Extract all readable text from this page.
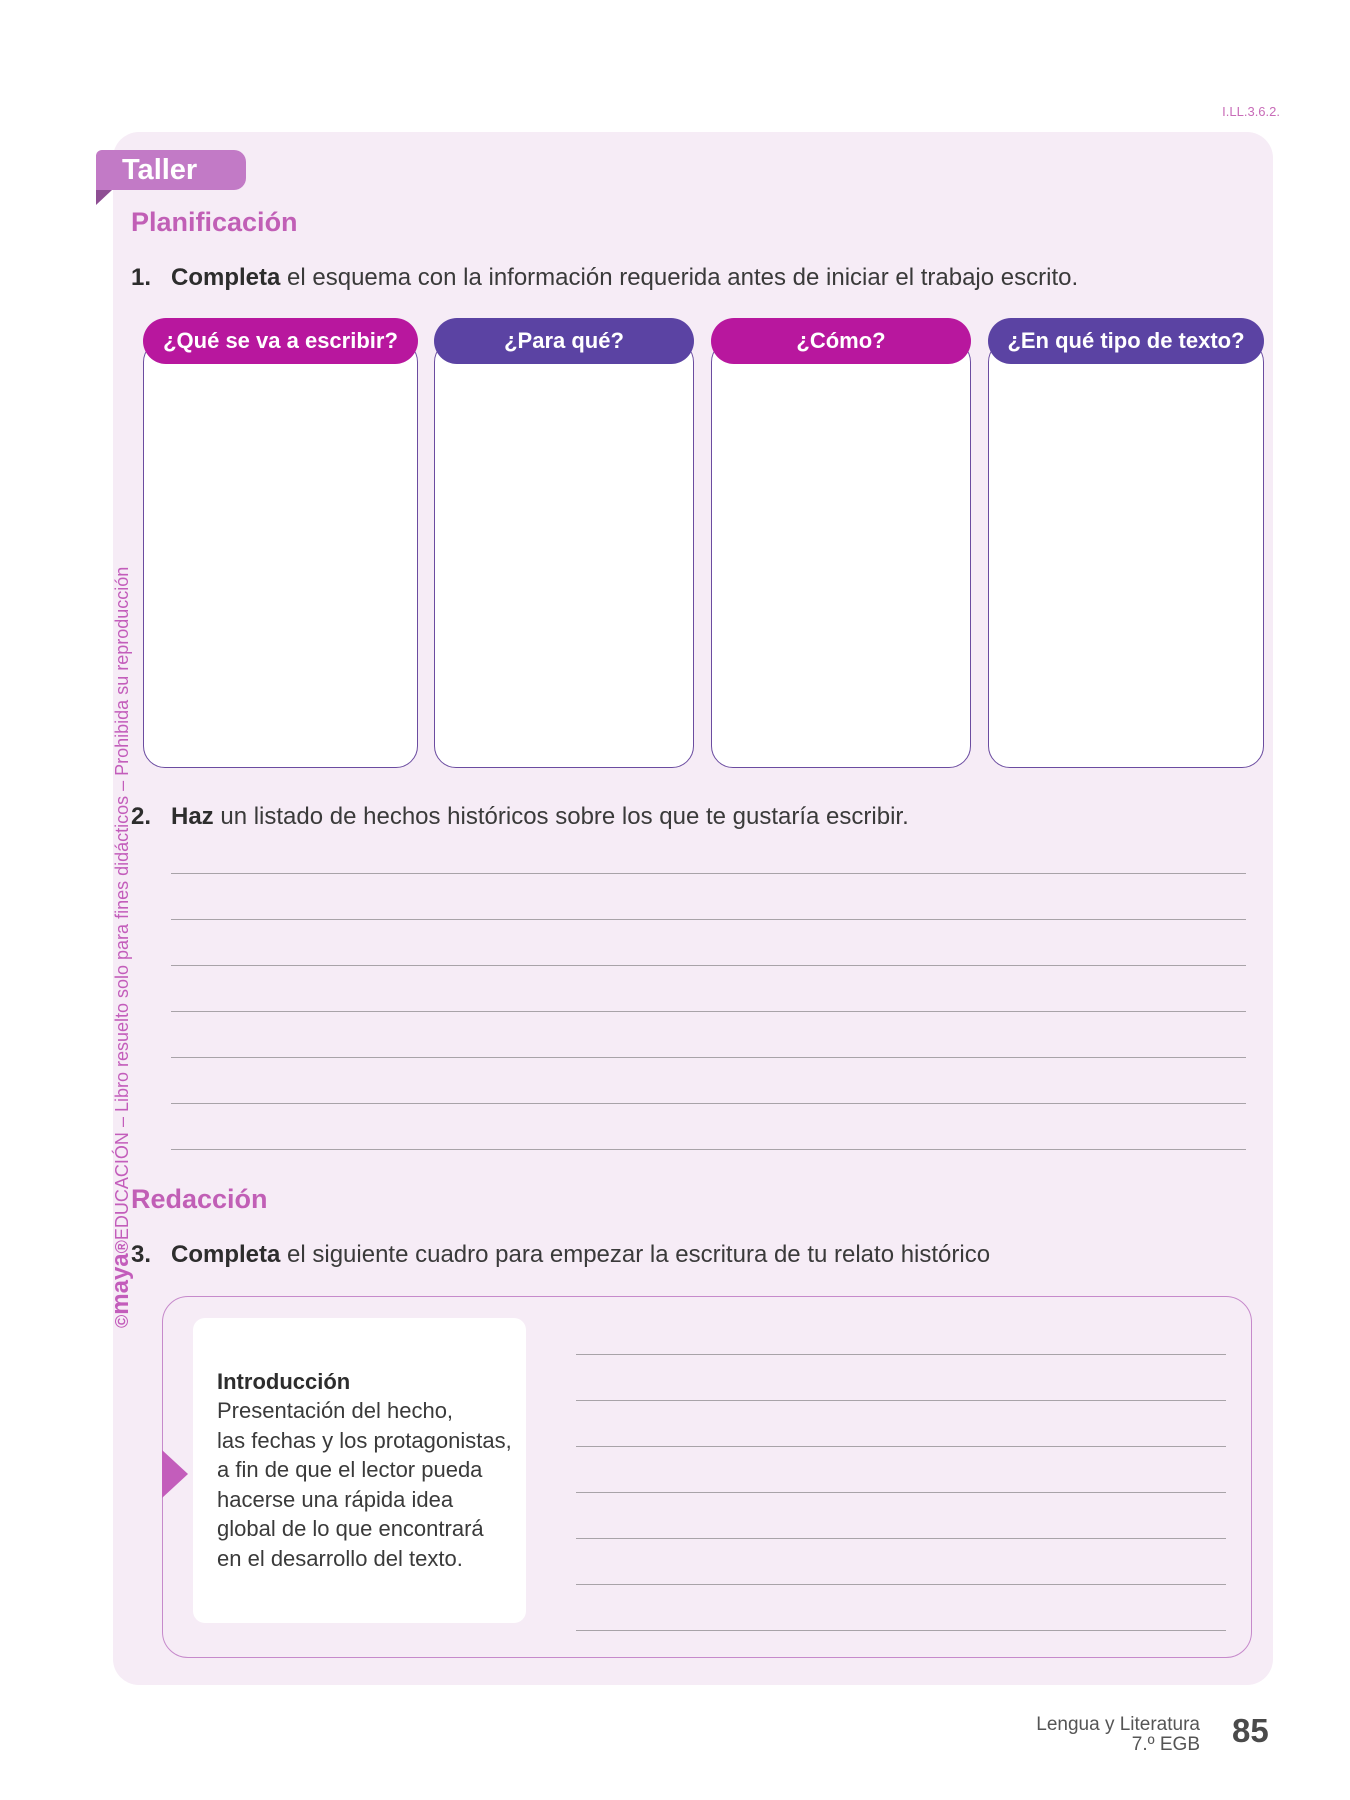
I.LL.3.6.2.
©maya®EDUCACIÓN – Libro resuelto solo para fines didácticos – Prohibida su reproducción
Taller
Planificación
1. Completa el esquema con la información requerida antes de iniciar el trabajo escrito.
¿Qué se va a escribir?	¿Para qué?	¿Cómo?	¿En qué tipo de texto?
2. Haz un listado de hechos históricos sobre los que te gustaría escribir.
Redacción
3. Completa el siguiente cuadro para empezar la escritura de tu relato histórico
Introducción
Presentación del hecho,
las fechas y los protagonistas,
a fin de que el lector pueda
hacerse una rápida idea
global de lo que encontrará
en el desarrollo del texto.
Lengua y Literatura
7.º EGB 85
